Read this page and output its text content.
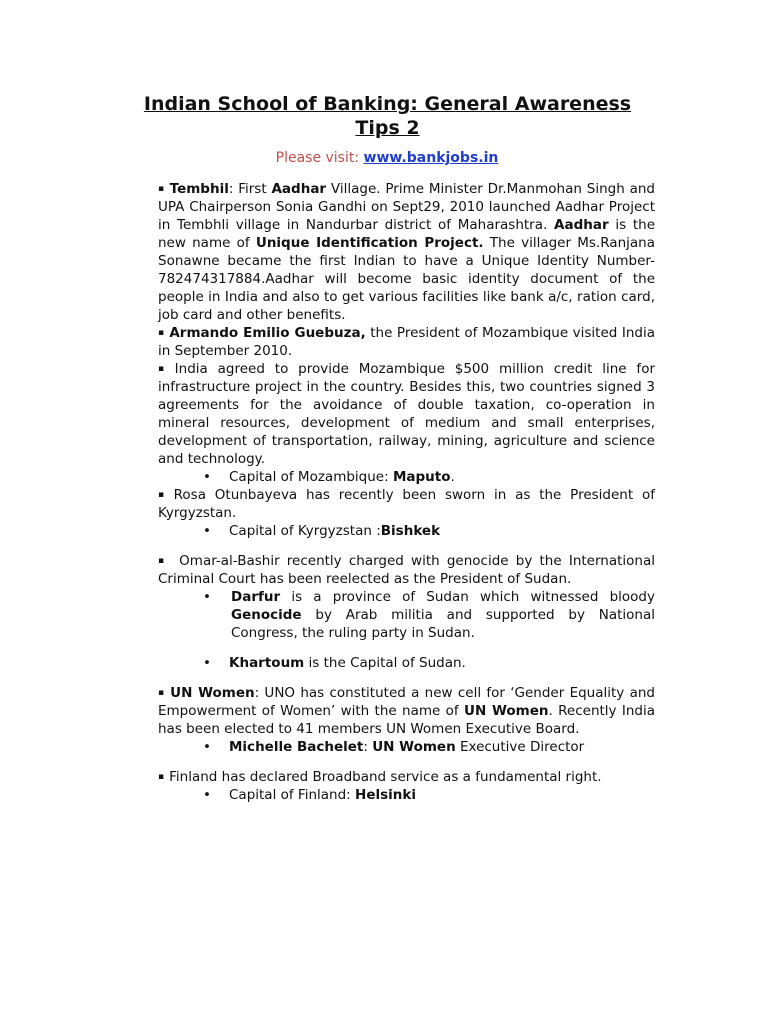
Indian School of Banking: General Awareness
Tips 2
Please visit: www.bankjobs.in

▪ Tembhil: First Aadhar Village. Prime Minister Dr.Manmohan Singh and UPA Chairperson Sonia Gandhi on Sept29, 2010 launched Aadhar Project in Tembhli village in Nandurbar district of Maharashtra. Aadhar is the new name of Unique Identification Project. The villager Ms.Ranjana Sonawne became the first Indian to have a Unique Identity Number-782474317884.Aadhar will become basic identity document of the people in India and also to get various facilities like bank a/c, ration card, job card and other benefits.

▪ Armando Emilio Guebuza, the President of Mozambique visited India in September 2010.

▪ India agreed to provide Mozambique $500 million credit line for infrastructure project in the country. Besides this, two countries signed 3 agreements for the avoidance of double taxation, co-operation in mineral resources, development of medium and small enterprises, development of transportation, railway, mining, agriculture and science and technology.

• Capital of Mozambique: Maputo.

▪ Rosa Otunbayeva has recently been sworn in as the President of Kyrgyzstan.

• Capital of Kyrgyzstan :Bishkek

▪ Omar-al-Bashir recently charged with genocide by the International Criminal Court has been reelected as the President of Sudan.

• Darfur is a province of Sudan which witnessed bloody Genocide by Arab militia and supported by National Congress, the ruling party in Sudan.

• Khartoum is the Capital of Sudan.

▪ UN Women: UNO has constituted a new cell for ‘Gender Equality and Empowerment of Women’ with the name of UN Women. Recently India has been elected to 41 members UN Women Executive Board.

• Michelle Bachelet: UN Women Executive Director

▪ Finland has declared Broadband service as a fundamental right.

• Capital of Finland: Helsinki
